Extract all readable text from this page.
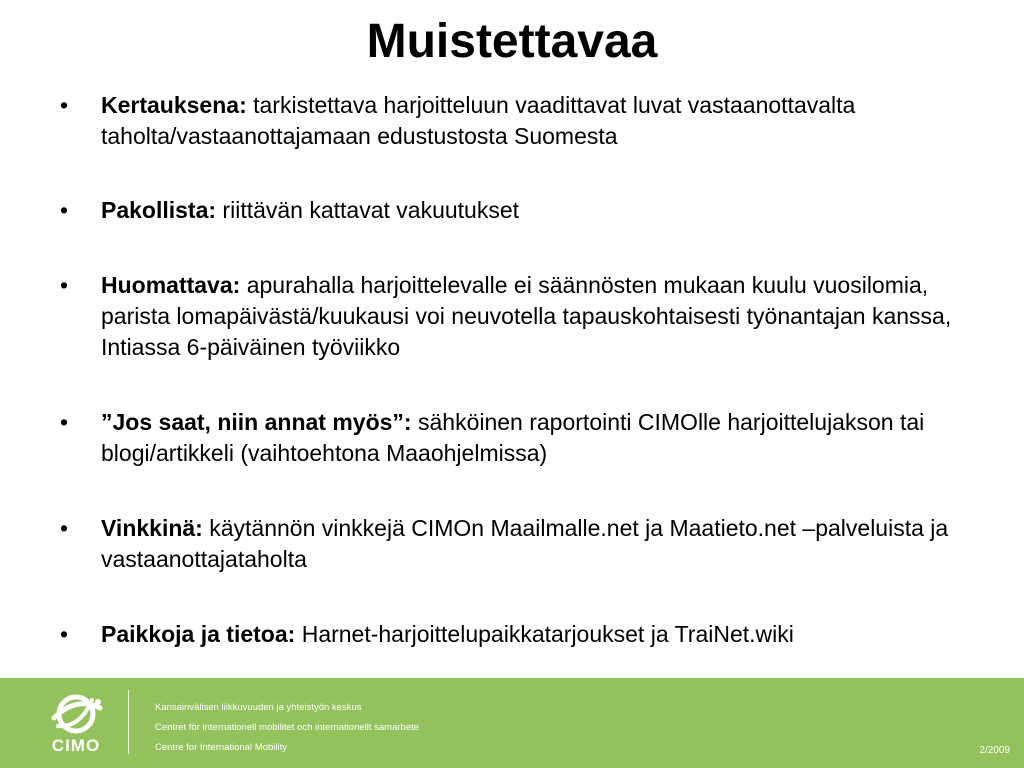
Muistettavaa
• Kertauksena: tarkistettava harjoitteluun vaadittavat luvat vastaanottavalta taholta/vastaanottajamaan edustustosta Suomesta
• Pakollista: riittävän kattavat vakuutukset
• Huomattava: apurahalla harjoittelevalle ei säännösten mukaan kuulu vuosilomia, parista lomapäivästä/kuukausi voi neuvotella tapauskohtaisesti työnantajan kanssa, Intiassa 6-päiväinen työviikko
• ”Jos saat, niin annat myös”: sähköinen raportointi CIMOlle harjoittelujakson tai blogi/artikkeli (vaihtoehtona Maaohjelmissa)
• Vinkkinä: käytännön vinkkejä CIMOn Maailmalle.net ja Maatieto.net –palveluista ja vastaanottajataholta
• Paikkoja ja tietoa: Harnet-harjoittelupaikkatarjoukset ja TraiNet.wiki
CIMO
Kansainvälisen liikkuvuuden ja yhteistyön keskus
Centret för internationell mobilitet och internationellt samarbete
Centre for International Mobility	2/2009
